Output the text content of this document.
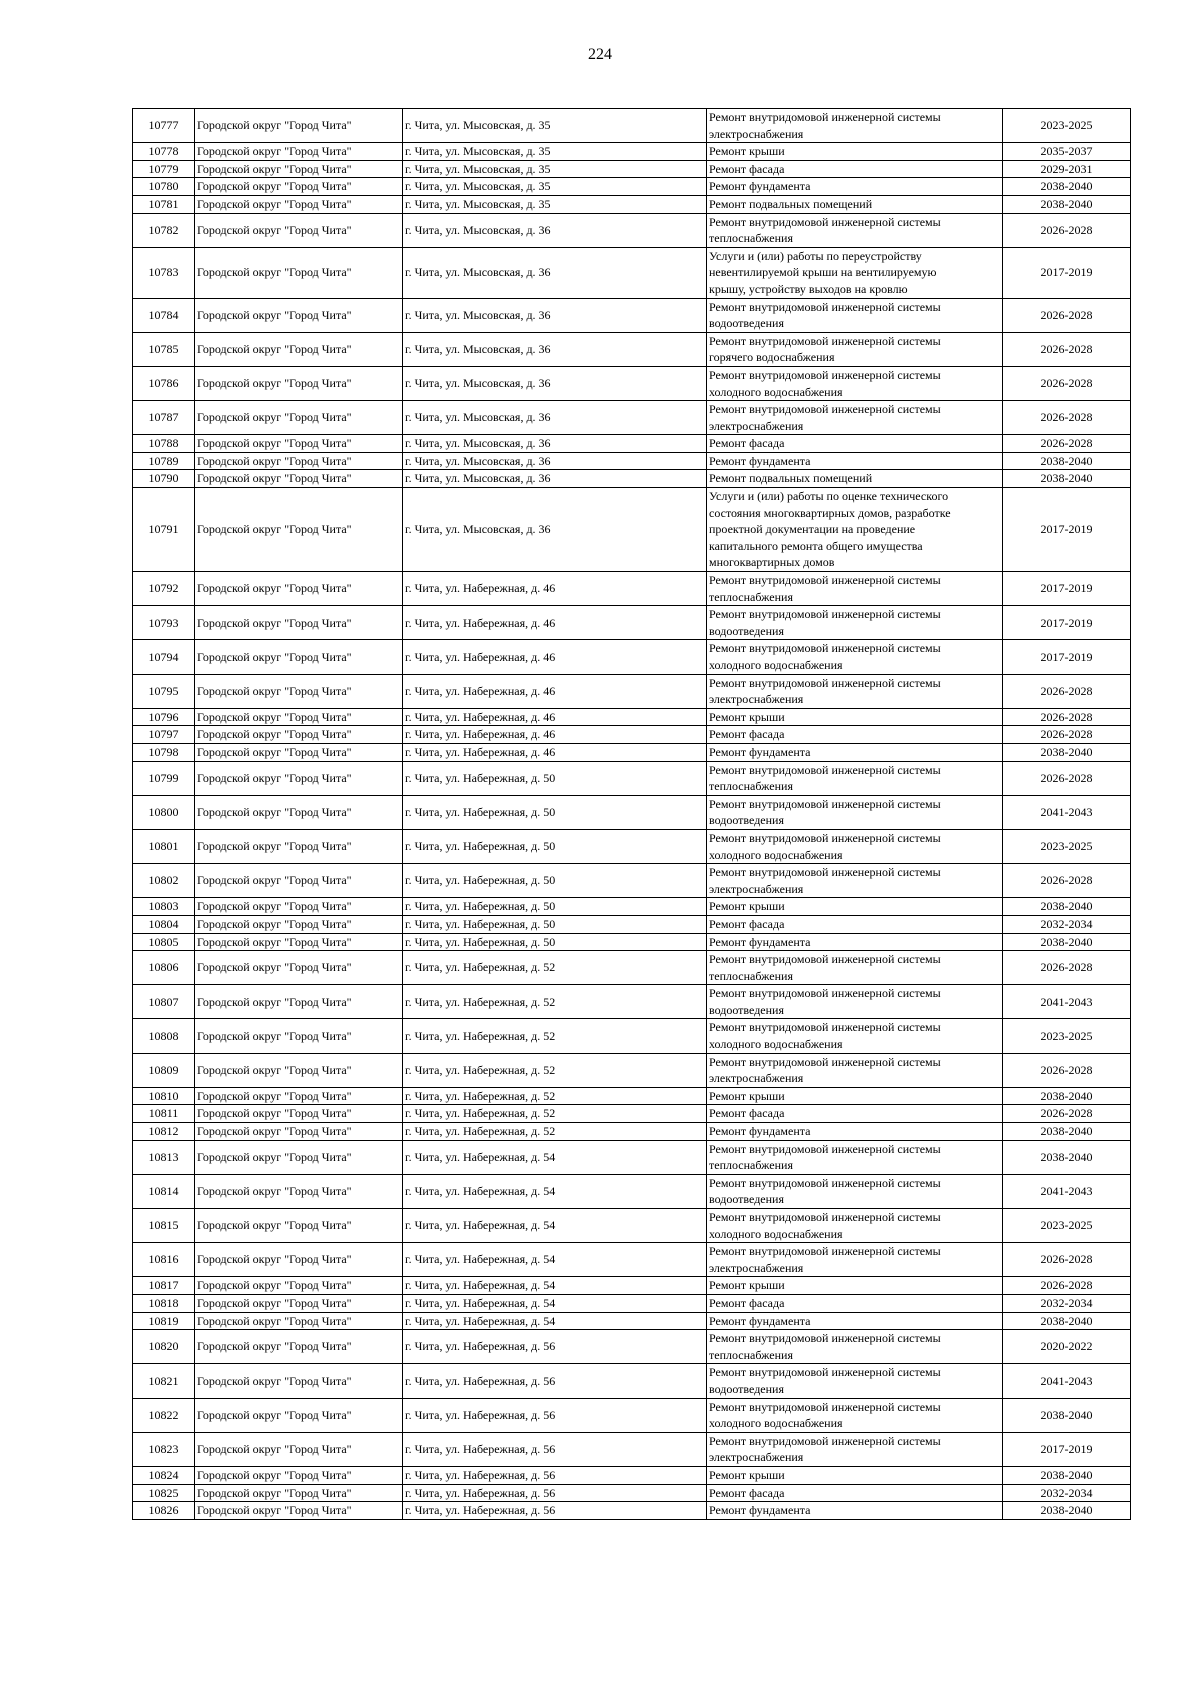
224
10777	Городской округ "Город Чита"	г. Чита, ул. Мысовская, д. 35	Ремонт внутридомовой инженерной системы
электроснабжения	2023-2025
10778	Городской округ "Город Чита"	г. Чита, ул. Мысовская, д. 35	Ремонт крыши	2035-2037
10779	Городской округ "Город Чита"	г. Чита, ул. Мысовская, д. 35	Ремонт фасада	2029-2031
10780	Городской округ "Город Чита"	г. Чита, ул. Мысовская, д. 35	Ремонт фундамента	2038-2040
10781	Городской округ "Город Чита"	г. Чита, ул. Мысовская, д. 35	Ремонт подвальных помещений	2038-2040
10782	Городской округ "Город Чита"	г. Чита, ул. Мысовская, д. 36	Ремонт внутридомовой инженерной системы
теплоснабжения	2026-2028
10783	Городской округ "Город Чита"	г. Чита, ул. Мысовская, д. 36	Услуги и (или) работы по переустройству
невентилируемой крыши на вентилируемую
крышу, устройству выходов на кровлю	2017-2019
10784	Городской округ "Город Чита"	г. Чита, ул. Мысовская, д. 36	Ремонт внутридомовой инженерной системы
водоотведения	2026-2028
10785	Городской округ "Город Чита"	г. Чита, ул. Мысовская, д. 36	Ремонт внутридомовой инженерной системы
горячего водоснабжения	2026-2028
10786	Городской округ "Город Чита"	г. Чита, ул. Мысовская, д. 36	Ремонт внутридомовой инженерной системы
холодного водоснабжения	2026-2028
10787	Городской округ "Город Чита"	г. Чита, ул. Мысовская, д. 36	Ремонт внутридомовой инженерной системы
электроснабжения	2026-2028
10788	Городской округ "Город Чита"	г. Чита, ул. Мысовская, д. 36	Ремонт фасада	2026-2028
10789	Городской округ "Город Чита"	г. Чита, ул. Мысовская, д. 36	Ремонт фундамента	2038-2040
10790	Городской округ "Город Чита"	г. Чита, ул. Мысовская, д. 36	Ремонт подвальных помещений	2038-2040
10791	Городской округ "Город Чита"	г. Чита, ул. Мысовская, д. 36	Услуги и (или) работы по оценке технического
состояния многоквартирных домов, разработке
проектной документации на проведение
капитального ремонта общего имущества
многоквартирных домов	2017-2019
10792	Городской округ "Город Чита"	г. Чита, ул. Набережная, д. 46	Ремонт внутридомовой инженерной системы
теплоснабжения	2017-2019
10793	Городской округ "Город Чита"	г. Чита, ул. Набережная, д. 46	Ремонт внутридомовой инженерной системы
водоотведения	2017-2019
10794	Городской округ "Город Чита"	г. Чита, ул. Набережная, д. 46	Ремонт внутридомовой инженерной системы
холодного водоснабжения	2017-2019
10795	Городской округ "Город Чита"	г. Чита, ул. Набережная, д. 46	Ремонт внутридомовой инженерной системы
электроснабжения	2026-2028
10796	Городской округ "Город Чита"	г. Чита, ул. Набережная, д. 46	Ремонт крыши	2026-2028
10797	Городской округ "Город Чита"	г. Чита, ул. Набережная, д. 46	Ремонт фасада	2026-2028
10798	Городской округ "Город Чита"	г. Чита, ул. Набережная, д. 46	Ремонт фундамента	2038-2040
10799	Городской округ "Город Чита"	г. Чита, ул. Набережная, д. 50	Ремонт внутридомовой инженерной системы
теплоснабжения	2026-2028
10800	Городской округ "Город Чита"	г. Чита, ул. Набережная, д. 50	Ремонт внутридомовой инженерной системы
водоотведения	2041-2043
10801	Городской округ "Город Чита"	г. Чита, ул. Набережная, д. 50	Ремонт внутридомовой инженерной системы
холодного водоснабжения	2023-2025
10802	Городской округ "Город Чита"	г. Чита, ул. Набережная, д. 50	Ремонт внутридомовой инженерной системы
электроснабжения	2026-2028
10803	Городской округ "Город Чита"	г. Чита, ул. Набережная, д. 50	Ремонт крыши	2038-2040
10804	Городской округ "Город Чита"	г. Чита, ул. Набережная, д. 50	Ремонт фасада	2032-2034
10805	Городской округ "Город Чита"	г. Чита, ул. Набережная, д. 50	Ремонт фундамента	2038-2040
10806	Городской округ "Город Чита"	г. Чита, ул. Набережная, д. 52	Ремонт внутридомовой инженерной системы
теплоснабжения	2026-2028
10807	Городской округ "Город Чита"	г. Чита, ул. Набережная, д. 52	Ремонт внутридомовой инженерной системы
водоотведения	2041-2043
10808	Городской округ "Город Чита"	г. Чита, ул. Набережная, д. 52	Ремонт внутридомовой инженерной системы
холодного водоснабжения	2023-2025
10809	Городской округ "Город Чита"	г. Чита, ул. Набережная, д. 52	Ремонт внутридомовой инженерной системы
электроснабжения	2026-2028
10810	Городской округ "Город Чита"	г. Чита, ул. Набережная, д. 52	Ремонт крыши	2038-2040
10811	Городской округ "Город Чита"	г. Чита, ул. Набережная, д. 52	Ремонт фасада	2026-2028
10812	Городской округ "Город Чита"	г. Чита, ул. Набережная, д. 52	Ремонт фундамента	2038-2040
10813	Городской округ "Город Чита"	г. Чита, ул. Набережная, д. 54	Ремонт внутридомовой инженерной системы
теплоснабжения	2038-2040
10814	Городской округ "Город Чита"	г. Чита, ул. Набережная, д. 54	Ремонт внутридомовой инженерной системы
водоотведения	2041-2043
10815	Городской округ "Город Чита"	г. Чита, ул. Набережная, д. 54	Ремонт внутридомовой инженерной системы
холодного водоснабжения	2023-2025
10816	Городской округ "Город Чита"	г. Чита, ул. Набережная, д. 54	Ремонт внутридомовой инженерной системы
электроснабжения	2026-2028
10817	Городской округ "Город Чита"	г. Чита, ул. Набережная, д. 54	Ремонт крыши	2026-2028
10818	Городской округ "Город Чита"	г. Чита, ул. Набережная, д. 54	Ремонт фасада	2032-2034
10819	Городской округ "Город Чита"	г. Чита, ул. Набережная, д. 54	Ремонт фундамента	2038-2040
10820	Городской округ "Город Чита"	г. Чита, ул. Набережная, д. 56	Ремонт внутридомовой инженерной системы
теплоснабжения	2020-2022
10821	Городской округ "Город Чита"	г. Чита, ул. Набережная, д. 56	Ремонт внутридомовой инженерной системы
водоотведения	2041-2043
10822	Городской округ "Город Чита"	г. Чита, ул. Набережная, д. 56	Ремонт внутридомовой инженерной системы
холодного водоснабжения	2038-2040
10823	Городской округ "Город Чита"	г. Чита, ул. Набережная, д. 56	Ремонт внутридомовой инженерной системы
электроснабжения	2017-2019
10824	Городской округ "Город Чита"	г. Чита, ул. Набережная, д. 56	Ремонт крыши	2038-2040
10825	Городской округ "Город Чита"	г. Чита, ул. Набережная, д. 56	Ремонт фасада	2032-2034
10826	Городской округ "Город Чита"	г. Чита, ул. Набережная, д. 56	Ремонт фундамента	2038-2040
